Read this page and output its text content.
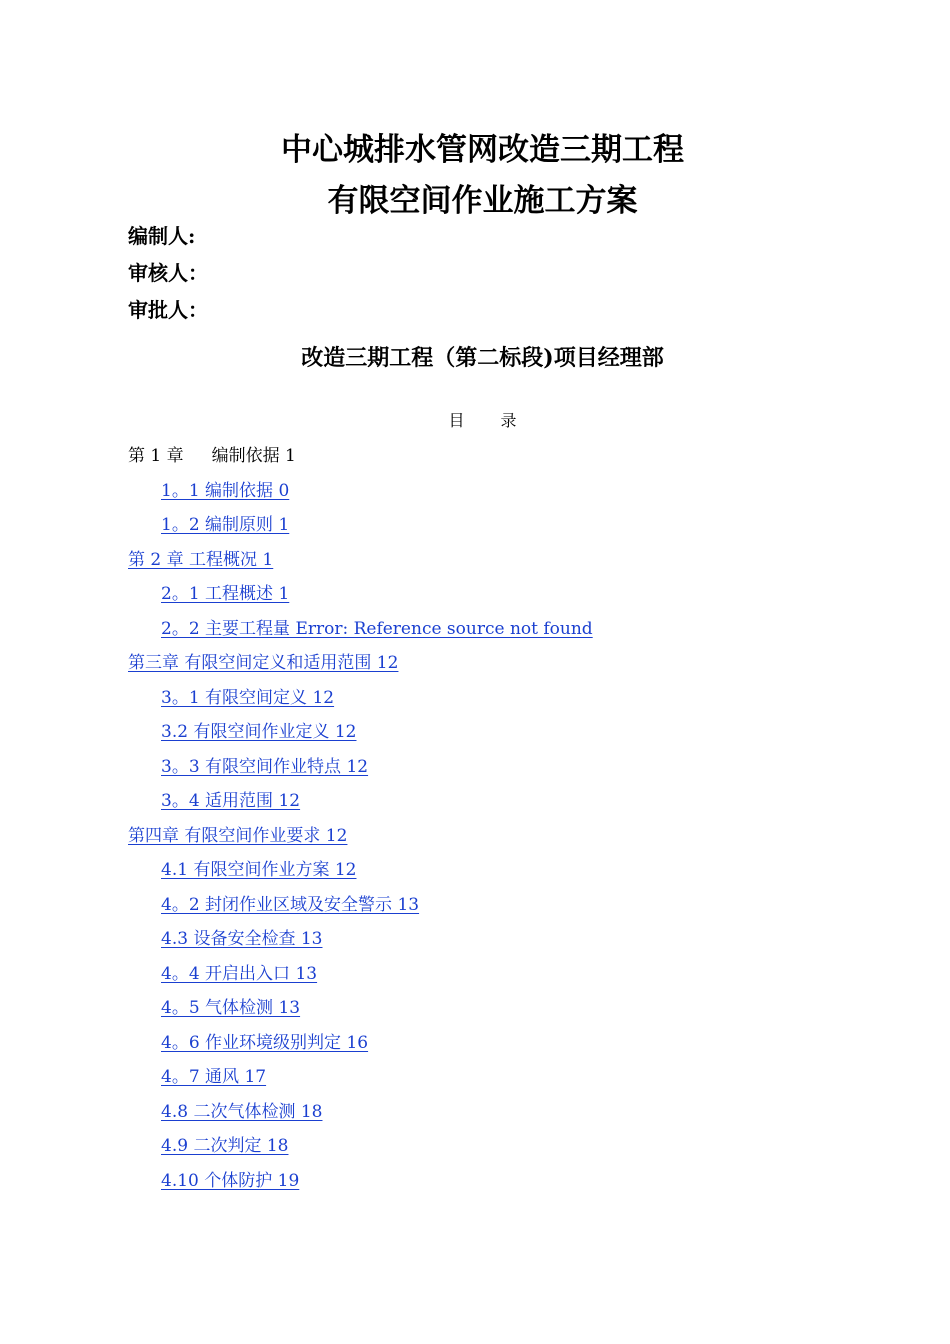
中心城排水管网改造三期工程
有限空间作业施工方案
编制人:
审核人：
审批人：
改造三期工程（第二标段)项目经理部
目 录
第 1 章 编制依据 1
1。1 编制依据 0
1。2 编制原则 1
第 2 章 工程概况 1
2。1 工程概述 1
2。2 主要工程量 Error: Reference source not found
第三章 有限空间定义和适用范围 12
3。1 有限空间定义 12
3.2 有限空间作业定义 12
3。3 有限空间作业特点 12
3。4 适用范围 12
第四章 有限空间作业要求 12
4.1 有限空间作业方案 12
4。2 封闭作业区域及安全警示 13
4.3 设备安全检查 13
4。4 开启出入口 13
4。5 气体检测 13
4。6 作业环境级别判定 16
4。7 通风 17
4.8 二次气体检测 18
4.9 二次判定 18
4.10 个体防护 19
